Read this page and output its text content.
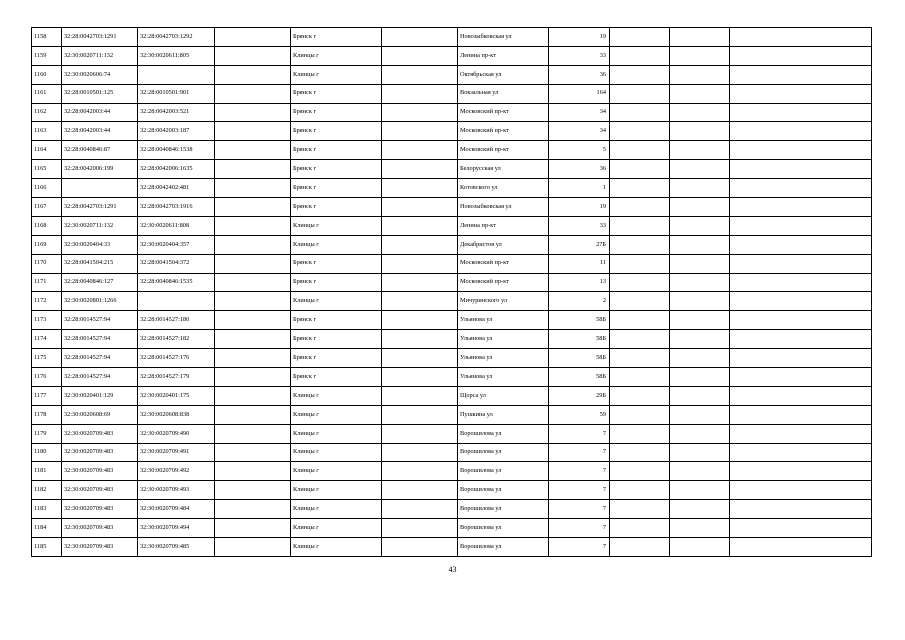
1158	32:28:0042703:1291	32:28:0042703:1292		Брянск г		Новозыбковская ул	19			
1159	32:30:0020711:132	32:30:0020611:805		Клинцы г		Ленина пр-кт	33			
1160	32:30:0020606:74			Клинцы г		Октябрьская ул	36			
1161	32:28:0010501:125	32:28:0010501:901		Брянск г		Вокзальная ул	164			
1162	32:28:0042003:44	32:28:0042003:521		Брянск г		Московский пр-кт	34			
1163	32:28:0042003:44	32:28:0042003:187		Брянск г		Московский пр-кт	34			
1164	32:28:0040846:87	32:28:0040846:1538		Брянск г		Московский пр-кт	5			
1165	32:28:0042006:199	32:28:0042006:1635		Брянск г		Белорусская ул	36			
1166		32:28:0042402:481		Брянск г		Котовского ул	1			
1167	32:28:0042703:1291	32:28:0042703:1916		Брянск г		Новозыбковская ул	19			
1168	32:30:0020711:132	32:30:0020611:808		Клинцы г		Ленина пр-кт	33			
1169	32:30:0020404:33	32:30:0020404:357		Клинцы г		Декабристов ул	27Б			
1170	32:28:0041504:215	32:28:0041504:372		Брянск г		Московский пр-кт	11			
1171	32:28:0040846:127	32:28:0040846:1535		Брянск г		Московский пр-кт	13			
1172	32:30:0020801:1266			Клинцы г		Мичуринского ул	2			
1173	32:28:0014527:94	32:28:0014527:180		Брянск г		Ульянова ул	58Б			
1174	32:28:0014527:94	32:28:0014527:182		Брянск г		Ульянова ул	58Б			
1175	32:28:0014527:94	32:28:0014527:176		Брянск г		Ульянова ул	58Б			
1176	32:28:0014527:94	32:28:0014527:179		Брянск г		Ульянова ул	58Б			
1177	32:30:0020401:129	32:30:0020401:175		Клинцы г		Щорса ул	29Б			
1178	32:30:0020608:69	32:30:0020608:838		Клинцы г		Пушкина ул	59			
1179	32:30:0020709:483	32:30:0020709:490		Клинцы г		Ворошилова ул	7			
1180	32:30:0020709:483	32:30:0020709:491		Клинцы г		Ворошилова ул	7			
1181	32:30:0020709:483	32:30:0020709:492		Клинцы г		Ворошилова ул	7			
1182	32:30:0020709:483	32:30:0020709:493		Клинцы г		Ворошилова ул	7			
1183	32:30:0020709:483	32:30:0020709:484		Клинцы г		Ворошилова ул	7			
1184	32:30:0020709:483	32:30:0020709:494		Клинцы г		Ворошилова ул	7			
1185	32:30:0020709:483	32:30:0020709:485		Клинцы г		Ворошилова ул	7			
43
